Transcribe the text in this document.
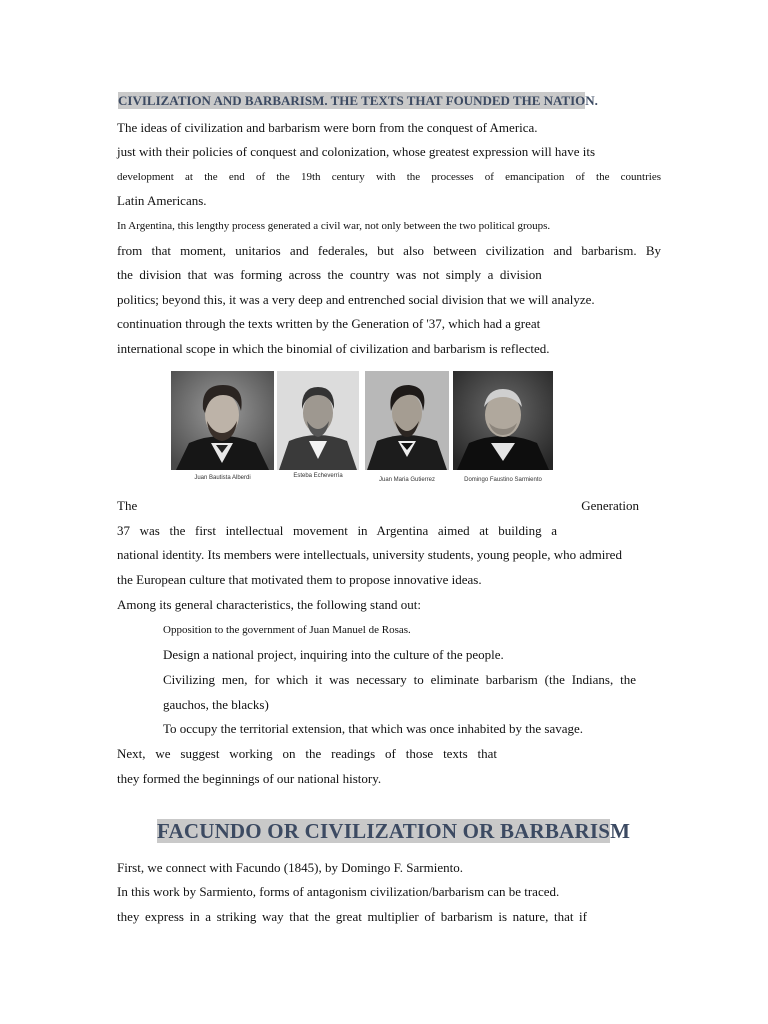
CIVILIZATION AND BARBARISM. THE TEXTS THAT FOUNDED THE NATION.
The ideas of civilization and barbarism were born from the conquest of America.
just with their policies of conquest and colonization, whose greatest expression will have its
development at the end of the 19th century with the processes of emancipation of the countries
Latin Americans.
In Argentina, this lengthy process generated a civil war, not only between the two political groups.
from that moment, unitarios and federales, but also between civilization and barbarism. By
the division that was forming across the country was not simply a division
politics; beyond this, it was a very deep and entrenched social division that we will analyze.
continuation through the texts written by the Generation of '37, which had a great
international scope in which the binomial of civilization and barbarism is reflected.
Juan Bautista Alberdi	Esteba Echeverría
Juan Maria Gutierrez	Domingo Faustino Sarmiento
The	Generation
37 was the first intellectual movement in Argentina aimed at building a
national identity. Its members were intellectuals, university students, young people, who admired
the European culture that motivated them to propose innovative ideas.
Among its general characteristics, the following stand out:
Opposition to the government of Juan Manuel de Rosas.
Design a national project, inquiring into the culture of the people.
Civilizing men, for which it was necessary to eliminate barbarism (the Indians, the
gauchos, the blacks)
To occupy the territorial extension, that which was once inhabited by the savage.
Next, we suggest working on the readings of those texts that
they formed the beginnings of our national history.
FACUNDO OR CIVILIZATION OR BARBARISM
First, we connect with Facundo (1845), by Domingo F. Sarmiento.
In this work by Sarmiento, forms of antagonism civilization/barbarism can be traced.
they express in a striking way that the great multiplier of barbarism is nature, that if
